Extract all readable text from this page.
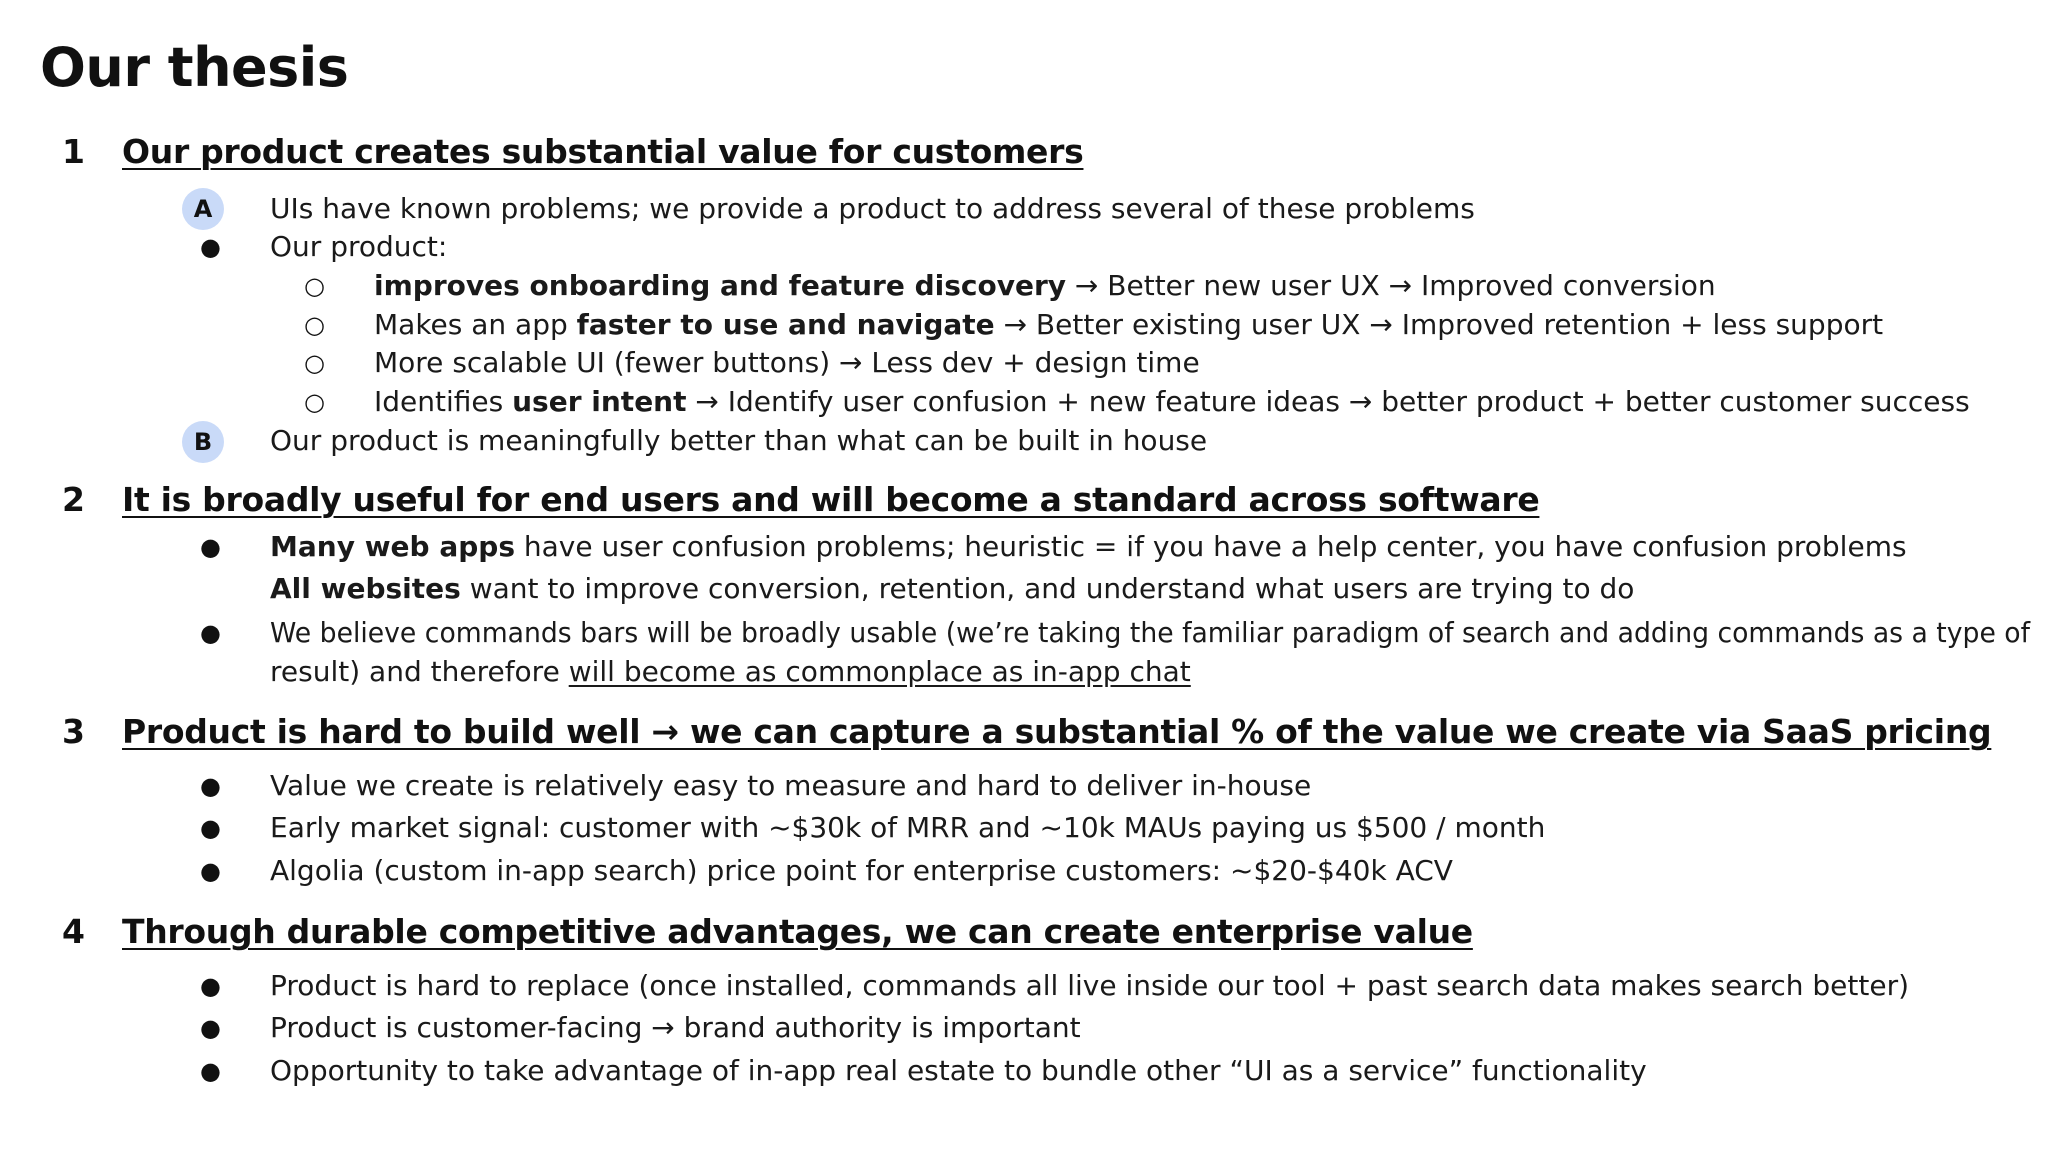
Our thesis
1 Our product creates substantial value for customers
A	UIs have known problems; we provide a product to address several of these problems
● Our product:
○ improves onboarding and feature discovery → Better new user UX → Improved conversion
○ Makes an app faster to use and navigate → Better existing user UX → Improved retention + less support
○ More scalable UI (fewer buttons) → Less dev + design time
○ Identifies user intent → Identify user confusion + new feature ideas → better product + better customer success
B	Our product is meaningfully better than what can be built in house
2 It is broadly useful for end users and will become a standard across software
● Many web apps have user confusion problems; heuristic = if you have a help center, you have confusion problems
All websites want to improve conversion, retention, and understand what users are trying to do
● We believe commands bars will be broadly usable (we’re taking the familiar paradigm of search and adding commands as a type of
result) and therefore will become as commonplace as in-app chat
3 Product is hard to build well → we can capture a substantial % of the value we create via SaaS pricing
● Value we create is relatively easy to measure and hard to deliver in-house
● Early market signal: customer with ~$30k of MRR and ~10k MAUs paying us $500 / month
● Algolia (custom in-app search) price point for enterprise customers: ~$20-$40k ACV
4 Through durable competitive advantages, we can create enterprise value
● Product is hard to replace (once installed, commands all live inside our tool + past search data makes search better)
● Product is customer-facing → brand authority is important
● Opportunity to take advantage of in-app real estate to bundle other “UI as a service” functionality
